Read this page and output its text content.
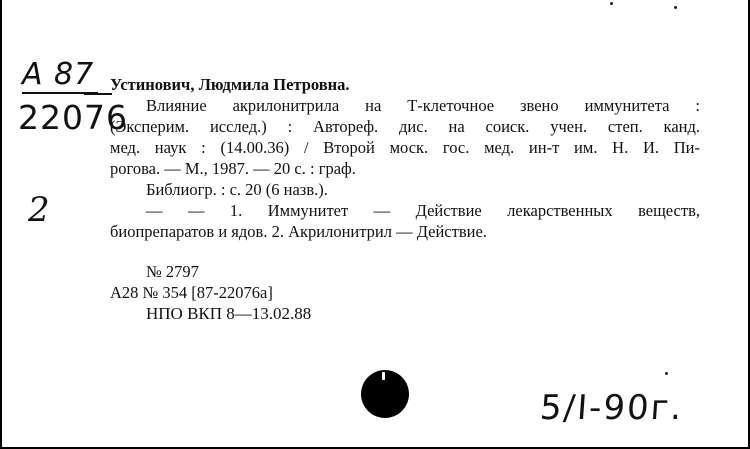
А 87
22076
2
Устинович, Людмила Петровна.
Влияние акрилонитрила на Т-клеточное звено иммунитета :
(Эксперим. исслед.) : Автореф. дис. на соиск. учен. степ. канд.
мед. наук : (14.00.36) / Второй моск. гос. мед. ин-т им. Н. И. Пи-
рогова. — М., 1987. — 20 с. : граф.
Библиогр. : с. 20 (6 назв.).
— — 1. Иммунитет — Действие лекарственных веществ,
биопрепаратов и ядов. 2. Акрилонитрил — Действие.
№ 2797
А28 № 354 [87-22076а]
НПО ВКП 8—13.02.88
5/I-90г.
